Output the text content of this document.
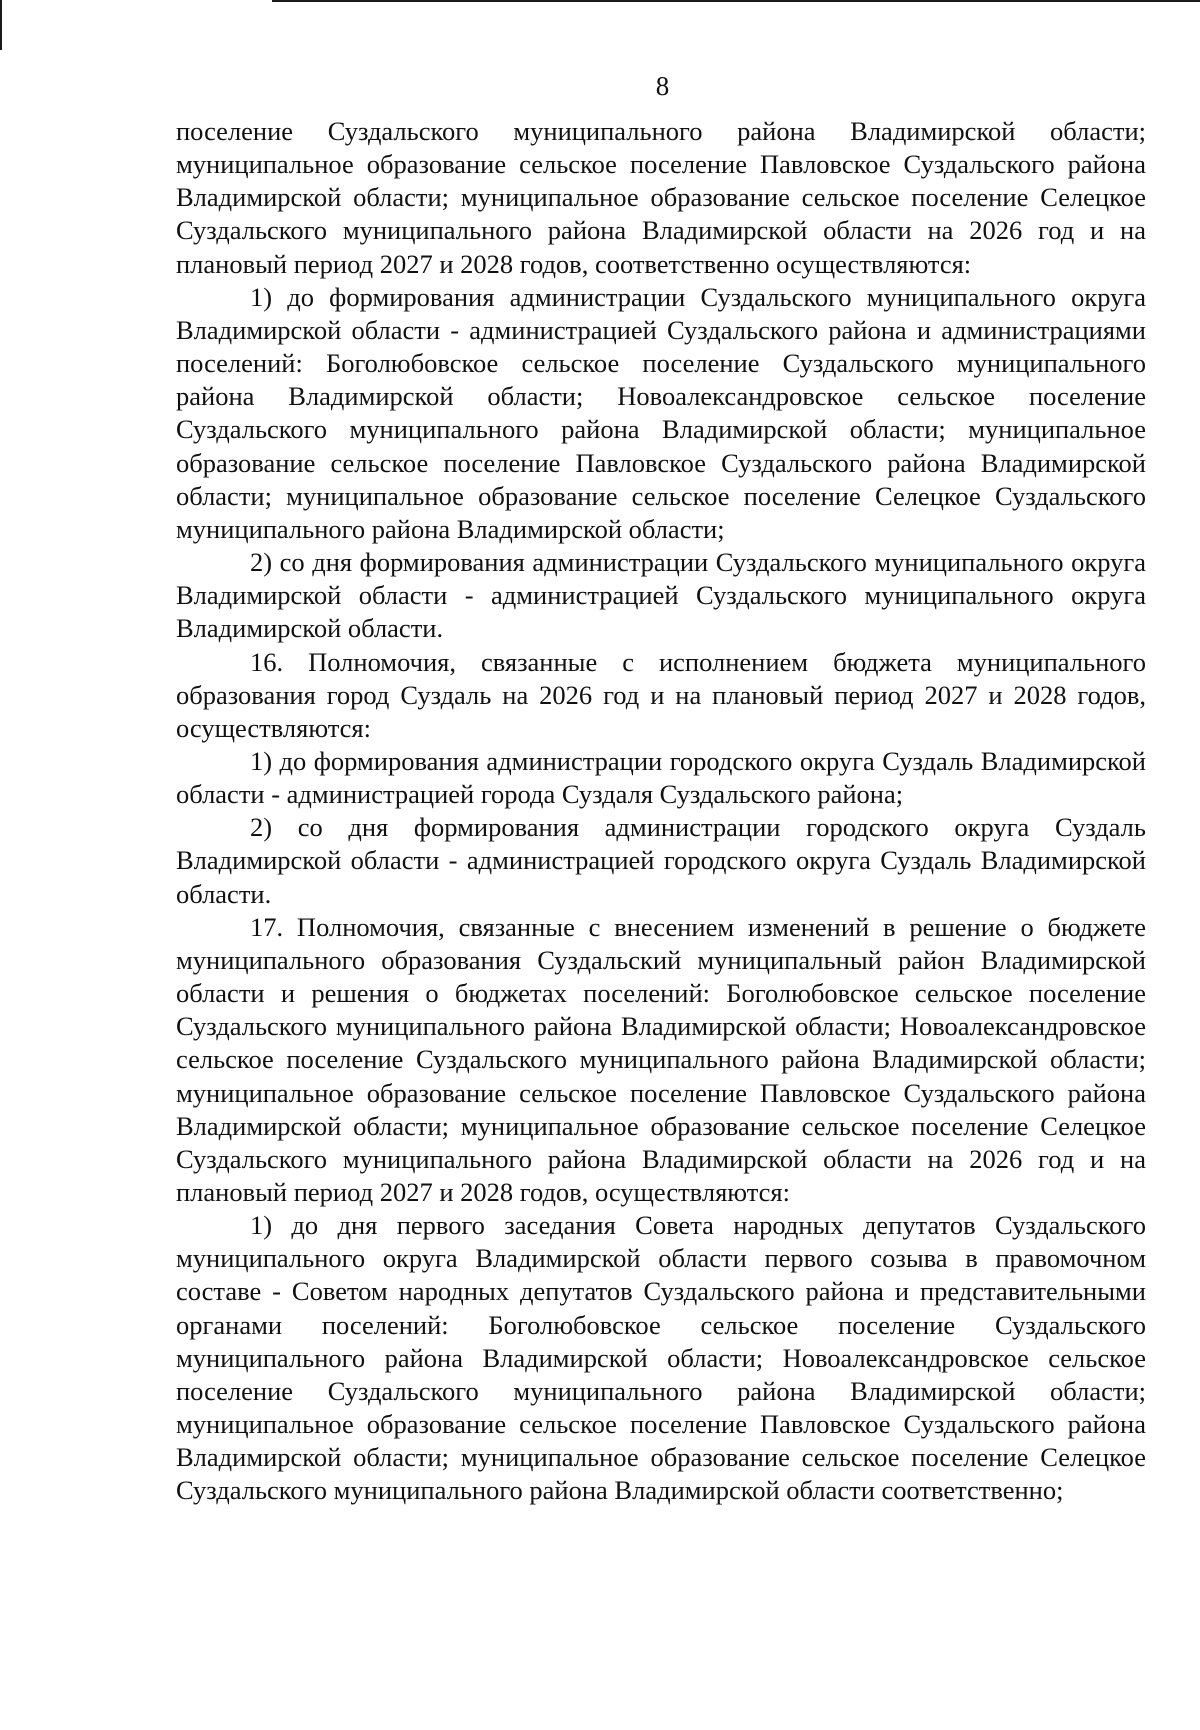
8

поселение Суздальского муниципального района Владимирской области; муниципальное образование сельское поселение Павловское Суздальского района Владимирской области; муниципальное образование сельское поселение Селецкое Суздальского муниципального района Владимирской области на 2026 год и на плановый период 2027 и 2028 годов, соответственно осуществляются:

1) до формирования администрации Суздальского муниципального округа Владимирской области - администрацией Суздальского района и администрациями поселений: Боголюбовское сельское поселение Суздальского муниципального района Владимирской области; Новоалександровское сельское поселение Суздальского муниципального района Владимирской области; муниципальное образование сельское поселение Павловское Суздальского района Владимирской области; муниципальное образование сельское поселение Селецкое Суздальского муниципального района Владимирской области;

2) со дня формирования администрации Суздальского муниципального округа Владимирской области - администрацией Суздальского муниципального округа Владимирской области.

16. Полномочия, связанные с исполнением бюджета муниципального образования город Суздаль на 2026 год и на плановый период 2027 и 2028 годов, осуществляются:

1) до формирования администрации городского округа Суздаль Владимирской области - администрацией города Суздаля Суздальского района;

2) со дня формирования администрации городского округа Суздаль Владимирской области - администрацией городского округа Суздаль Владимирской области.

17. Полномочия, связанные с внесением изменений в решение о бюджете муниципального образования Суздальский муниципальный район Владимирской области и решения о бюджетах поселений: Боголюбовское сельское поселение Суздальского муниципального района Владимирской области; Новоалександровское сельское поселение Суздальского муниципального района Владимирской области; муниципальное образование сельское поселение Павловское Суздальского района Владимирской области; муниципальное образование сельское поселение Селецкое Суздальского муниципального района Владимирской области на 2026 год и на плановый период 2027 и 2028 годов, осуществляются:

1) до дня первого заседания Совета народных депутатов Суздальского муниципального округа Владимирской области первого созыва в правомочном составе - Советом народных депутатов Суздальского района и представительными органами поселений: Боголюбовское сельское поселение Суздальского муниципального района Владимирской области; Новоалександровское сельское поселение Суздальского муниципального района Владимирской области; муниципальное образование сельское поселение Павловское Суздальского района Владимирской области; муниципальное образование сельское поселение Селецкое Суздальского муниципального района Владимирской области соответственно;
